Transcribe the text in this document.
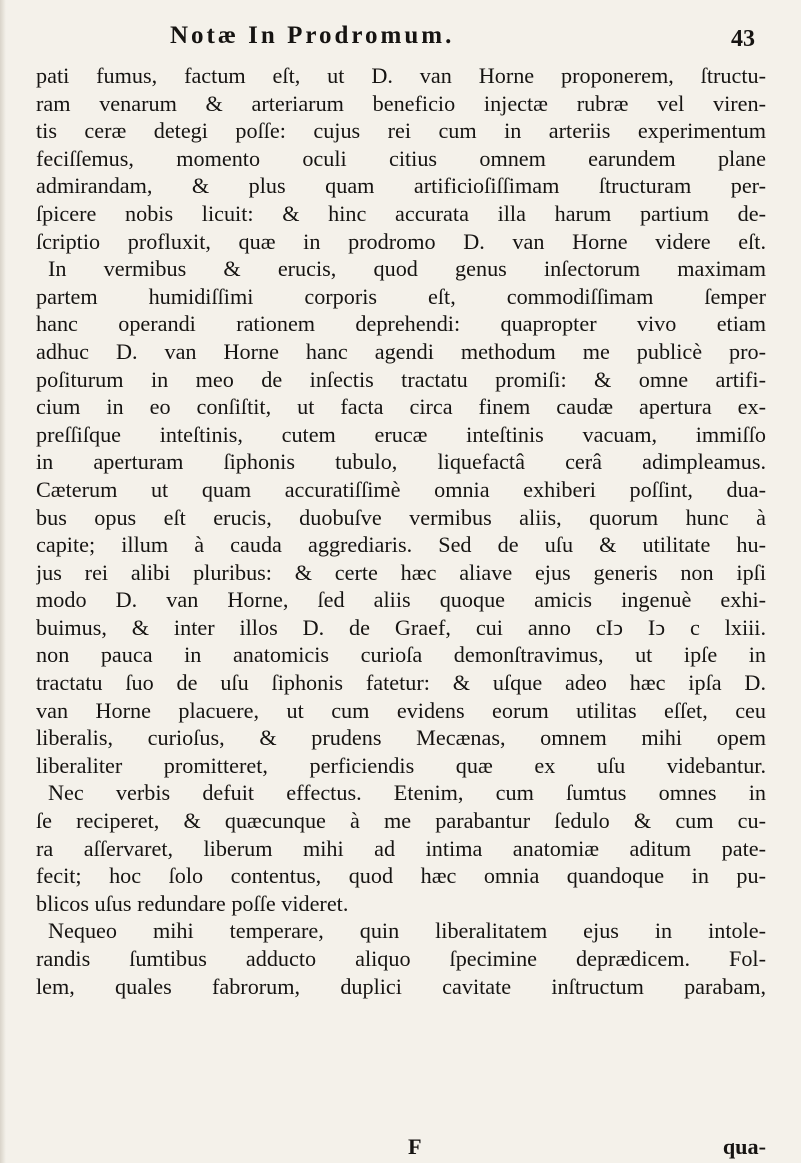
Notæ In Prodromum.	43
pati fumus, factum eſt, ut D. van Horne proponerem, ſtructu-
ram venarum & arteriarum beneficio injectæ rubræ vel viren-
tis ceræ detegi poſſe: cujus rei cum in arteriis experimentum
feciſſemus, momento oculi citius omnem earundem plane
admirandam, & plus quam artificioſiſſimam ſtructuram per-
ſpicere nobis licuit: & hinc accurata illa harum partium de-
ſcriptio profluxit, quæ in prodromo D. van Horne videre eſt.
In vermibus & erucis, quod genus inſectorum maximam
partem humidiſſimi corporis eſt, commodiſſimam ſemper
hanc operandi rationem deprehendi: quapropter vivo etiam
adhuc D. van Horne hanc agendi methodum me publicè pro-
poſiturum in meo de inſectis tractatu promiſi: & omne artifi-
cium in eo conſiſtit, ut facta circa finem caudæ apertura ex-
preſſiſque inteſtinis, cutem erucæ inteſtinis vacuam, immiſſo
in aperturam ſiphonis tubulo, liquefactâ cerâ adimpleamus.
Cæterum ut quam accuratiſſimè omnia exhiberi poſſint, dua-
bus opus eſt erucis, duobuſve vermibus aliis, quorum hunc à
capite; illum à cauda aggrediaris. Sed de uſu & utilitate hu-
jus rei alibi pluribus: & certe hæc aliave ejus generis non ipſi
modo D. van Horne, ſed aliis quoque amicis ingenuè exhi-
buimus, & inter illos D. de Graef, cui anno cIↄ Iↄ c lxiii.
non pauca in anatomicis curioſa demonſtravimus, ut ipſe in
tractatu ſuo de uſu ſiphonis fatetur: & uſque adeo hæc ipſa D.
van Horne placuere, ut cum evidens eorum utilitas eſſet, ceu
liberalis, curioſus, & prudens Mecænas, omnem mihi opem
liberaliter promitteret, perficiendis quæ ex uſu videbantur.
Nec verbis defuit effectus. Etenim, cum ſumtus omnes in
ſe reciperet, & quæcunque à me parabantur ſedulo & cum cu-
ra aſſervaret, liberum mihi ad intima anatomiæ aditum pate-
fecit; hoc ſolo contentus, quod hæc omnia quandoque in pu-
blicos uſus redundare poſſe videret.
Nequeo mihi temperare, quin liberalitatem ejus in intole-
randis ſumtibus adducto aliquo ſpecimine deprædicem. Fol-
lem, quales fabrorum, duplici cavitate inſtructum parabam,
F	qua-
